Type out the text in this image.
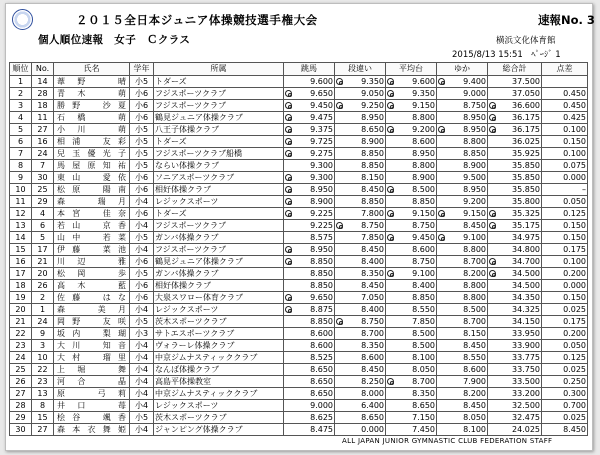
２０１５全日本ジュニア体操競技選手権大会	速報No. 3
個人順位速報　女子　Ｃクラス	横浜文化体育館
2015/8/13 15:51　ﾍﾟｰｼﾞ 1
順位	No.	氏名	学年	所属	跳馬	段違い	平均台	ゆか	総合計	点差
1	14	葦野　晴	小5	トダーズ	9.600	9.350	9.600	9.400	37.500	

2	28	青木　萌	小6	フジスポーツクラブ	9.650	9.050	9.350	9.000	37.050	0.450
3	18	勝野　沙夏	小6	フジスポーツクラブ	9.450	9.250	9.150	8.750	36.600	0.450
4	11	石橋　萌	小6	鶴見ジュニア体操クラブ	9.475	8.950	8.800	8.950	36.175	0.425
5	27	小川　萌	小5	八王子体操クラブ	9.375	8.650	9.200	8.950	36.175	0.100
6	16	相浦　友彩	小5	トダーズ	9.725	8.900	8.600	8.800	36.025	0.150
7	24	兒玉優光子	小5	フジスポーツクラブ船橋	9.275	8.850	8.950	8.850	35.925	0.100
8	7	馬屋原知祐	小5	ならい体操クラブ	9.300	8.850	8.800	8.900	35.850	0.075
9	30	東山　愛依	小6	ソニアスポーツクラブ	9.300	8.150	8.900	9.500	35.850	0.000
10	25	松原　陽南	小6	相好体操クラブ	8.950	8.450	8.500	8.950	35.850	–
11	29	森　瑞月	小4	レジックスポーツ	8.900	8.850	8.850	9.200	35.800	0.050
12	4	本宮　佳奈	小6	トダーズ	9.225	7.800	9.150	9.150	35.325	0.125
13	6	若山　京香	小4	フジスポーツクラブ	9.225	8.750	8.750	8.450	35.175	0.150
14	5	山中　若菜	小5	ガンバ体操クラブ	8.575	7.850	9.450	9.100	34.975	0.150
15	17	伊藤　菜池	小4	フジスポーツクラブ	8.950	8.450	8.600	8.800	34.800	0.175
16	21	川辺　雅	小6	鶴見ジュニア体操クラブ	8.850	8.400	8.750	8.700	34.700	0.100
17	20	松岡　歩	小5	ガンバ体操クラブ	8.850	8.350	9.100	8.200	34.500	0.200
18	26	高木　藍	小6	相好体操クラブ	8.850	8.450	8.400	8.800	34.500	0.000
19	2	佐藤　はな	小6	大泉スワロー体育クラブ	9.650	7.050	8.850	8.800	34.350	0.150
20	1	森　美月	小4	レジックスポーツ	8.875	8.400	8.550	8.500	34.325	0.025
21	24	岡野　友咲	小5	茨木スポーツクラブ	8.850	8.750	7.850	8.700	34.150	0.175
22	9	坂内　梨瑚	小3	サトエスポーツクラブ	8.600	8.700	8.500	8.150	33.950	0.200
23	3	大川　知音	小4	ヴォラーレ体操クラブ	8.600	8.350	8.500	8.450	33.900	0.050
24	10	大村　瑠里	小4	中京ジムナスティッククラブ	8.525	8.600	8.100	8.550	33.775	0.125
25	22	上堀　舞	小4	なんば体操クラブ	8.650	8.450	8.050	8.600	33.750	0.025
26	23	河合　晶	小4	高島平体操教室	8.650	8.250	8.700	7.900	33.500	0.250
27	13	原　弓莉	小4	中京ジムナスティッククラブ	8.650	8.000	8.350	8.200	33.200	0.300
28	8	井口　苺	小4	レジックスポーツ	9.000	6.400	8.650	8.450	32.500	0.700
29	15	桧谷　颯香	小5	茨木スポーツクラブ	8.625	8.650	7.150	8.050	32.475	0.025
30	27	森本衣舞姫	小4	ジャンピング体操クラブ	8.475	0.000	7.450	8.100	24.025	8.450
ALL JAPAN JUNIOR GYMNASTIC CLUB FEDERATION STAFF
